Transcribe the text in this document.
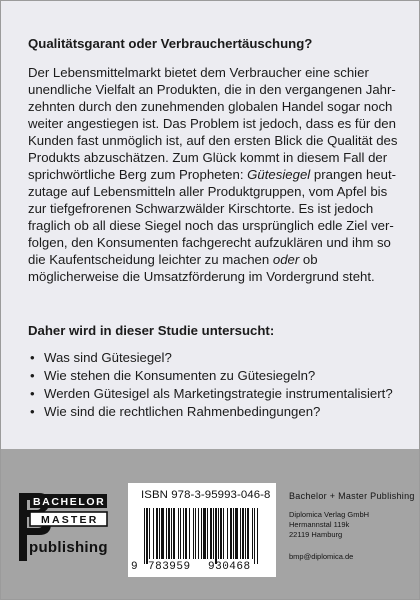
Qualitätsgarant oder Verbrauchertäuschung?
Der Lebensmittelmarkt bietet dem Verbraucher eine schier
unendliche Vielfalt an Produkten, die in den vergangenen Jahr-
zehnten durch den zunehmenden globalen Handel sogar noch
weiter angestiegen ist. Das Problem ist jedoch, dass es für den
Kunden fast unmöglich ist, auf den ersten Blick die Qualität des
Produkts abzuschätzen. Zum Glück kommt in diesem Fall der
sprichwörtliche Berg zum Propheten: Gütesiegel prangen heut-
zutage auf Lebensmitteln aller Produktgruppen, vom Apfel bis
zur tiefgefrorenen Schwarzwälder Kirschtorte. Es ist jedoch
fraglich ob all diese Siegel noch das ursprünglich edle Ziel ver-
folgen, den Konsumenten fachgerecht aufzuklären und ihm so
die Kaufentscheidung leichter zu machen oder ob
möglicherweise die Umsatzförderung im Vordergrund steht.
Daher wird in dieser Studie untersucht:
• Was sind Gütesiegel?
• Wie stehen die Konsumenten zu Gütesiegeln?
• Werden Gütesigel als Marketingstrategie instrumentalisiert?
• Wie sind die rechtlichen Rahmenbedingungen?
BACHELOR
MASTER
publishing
ISBN 978-3-95993-046-8
9 783959 930468
Bachelor + Master Publishing
Diplomica Verlag GmbH
Hermannstal 119k
22119 Hamburg
bmp@diplomica.de
